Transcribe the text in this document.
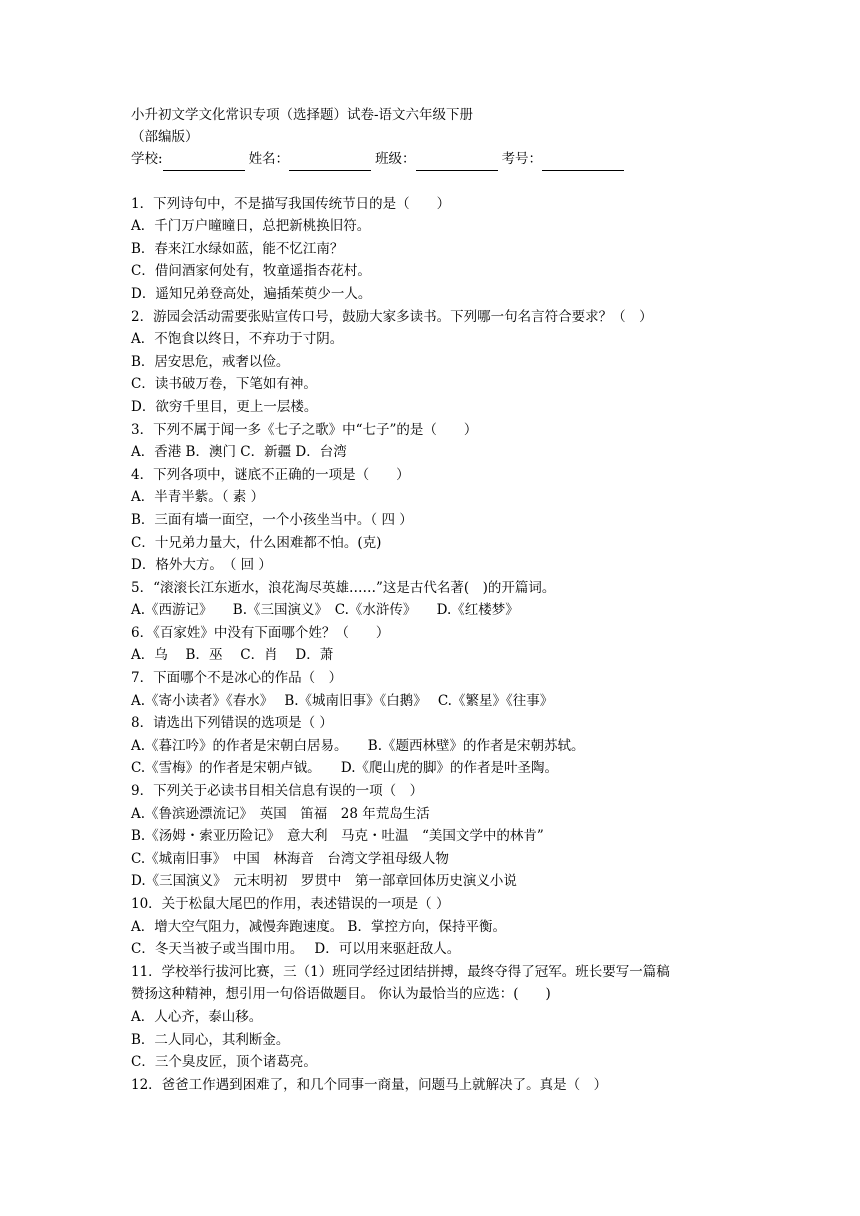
小升初文学文化常识专项（选择题）试卷-语文六年级下册
（部编版）
学校:	姓名：	班级：	考号：
1．下列诗句中，不是描写我国传统节日的是（　　）
A．千门万户曈曈日，总把新桃换旧符。
B．春来江水绿如蓝，能不忆江南？
C．借问酒家何处有，牧童遥指杏花村。
D．遥知兄弟登高处，遍插茱萸少一人。
2．游园会活动需要张贴宣传口号，鼓励大家多读书。下列哪一句名言符合要求？（　）
A．不饱食以终日，不弃功于寸阴。
B．居安思危，戒奢以俭。
C．读书破万卷，下笔如有神。
D．欲穷千里目，更上一层楼。
3．下列不属于闻一多《七子之歌》中“七子”的是（　　）
A．香港 B．澳门 C．新疆 D．台湾
4．下列各项中，谜底不正确的一项是（　　）
A．半青半紫。（ 素 ）
B．三面有墙一面空，一个小孩坐当中。（ 四 ）
C．十兄弟力量大，什么困难都不怕。(克)
D．格外大方。　（ 回 ）
5．“滚滚长江东逝水，浪花淘尽英雄……”这是古代名著(　)的开篇词。
A.《西游记》　　B.《三国演义》　C.《水浒传》　　D.《红楼梦》
6．《百家姓》中没有下面哪个姓？（　　）
A．乌　 B．巫　 C．肖　 D．萧
7．下面哪个不是冰心的作品（　）
A.《寄小读者》《春水》　 B.《城南旧事》《白鹅》　 C.《繁星》《往事》
8．请选出下列错误的选项是（ ）
A.《暮江吟》的作者是宋朝白居易。　　B.《题西林壁》的作者是宋朝苏轼。
C.《雪梅》的作者是宋朝卢钺。　　D.《爬山虎的脚》的作者是叶圣陶。
9．下列关于必读书目相关信息有误的一项（　）
A.《鲁滨逊漂流记》　英国　笛福　28 年荒岛生活
B.《汤姆・索亚历险记》　意大利　马克・吐温　“美国文学中的林肯”
C.《城南旧事》　中国　林海音　台湾文学祖母级人物
D.《三国演义》　元末明初　罗贯中　第一部章回体历史演义小说
10．关于松鼠大尾巴的作用，表述错误的一项是（ ）
A．增大空气阻力，减慢奔跑速度。 B．掌控方向，保持平衡。
C．冬天当被子或当围巾用。　 D．可以用来驱赶敌人。
11．学校举行拔河比赛，三（1）班同学经过团结拼搏，最终夺得了冠军。班长要写一篇稿
赞扬这种精神，想引用一句俗语做题目。 你认为最恰当的应选：(　　)
A．人心齐，泰山移。
B．二人同心，其利断金。
C．三个臭皮匠，顶个诸葛亮。
12．爸爸工作遇到困难了，和几个同事一商量，问题马上就解决了。真是（　）
